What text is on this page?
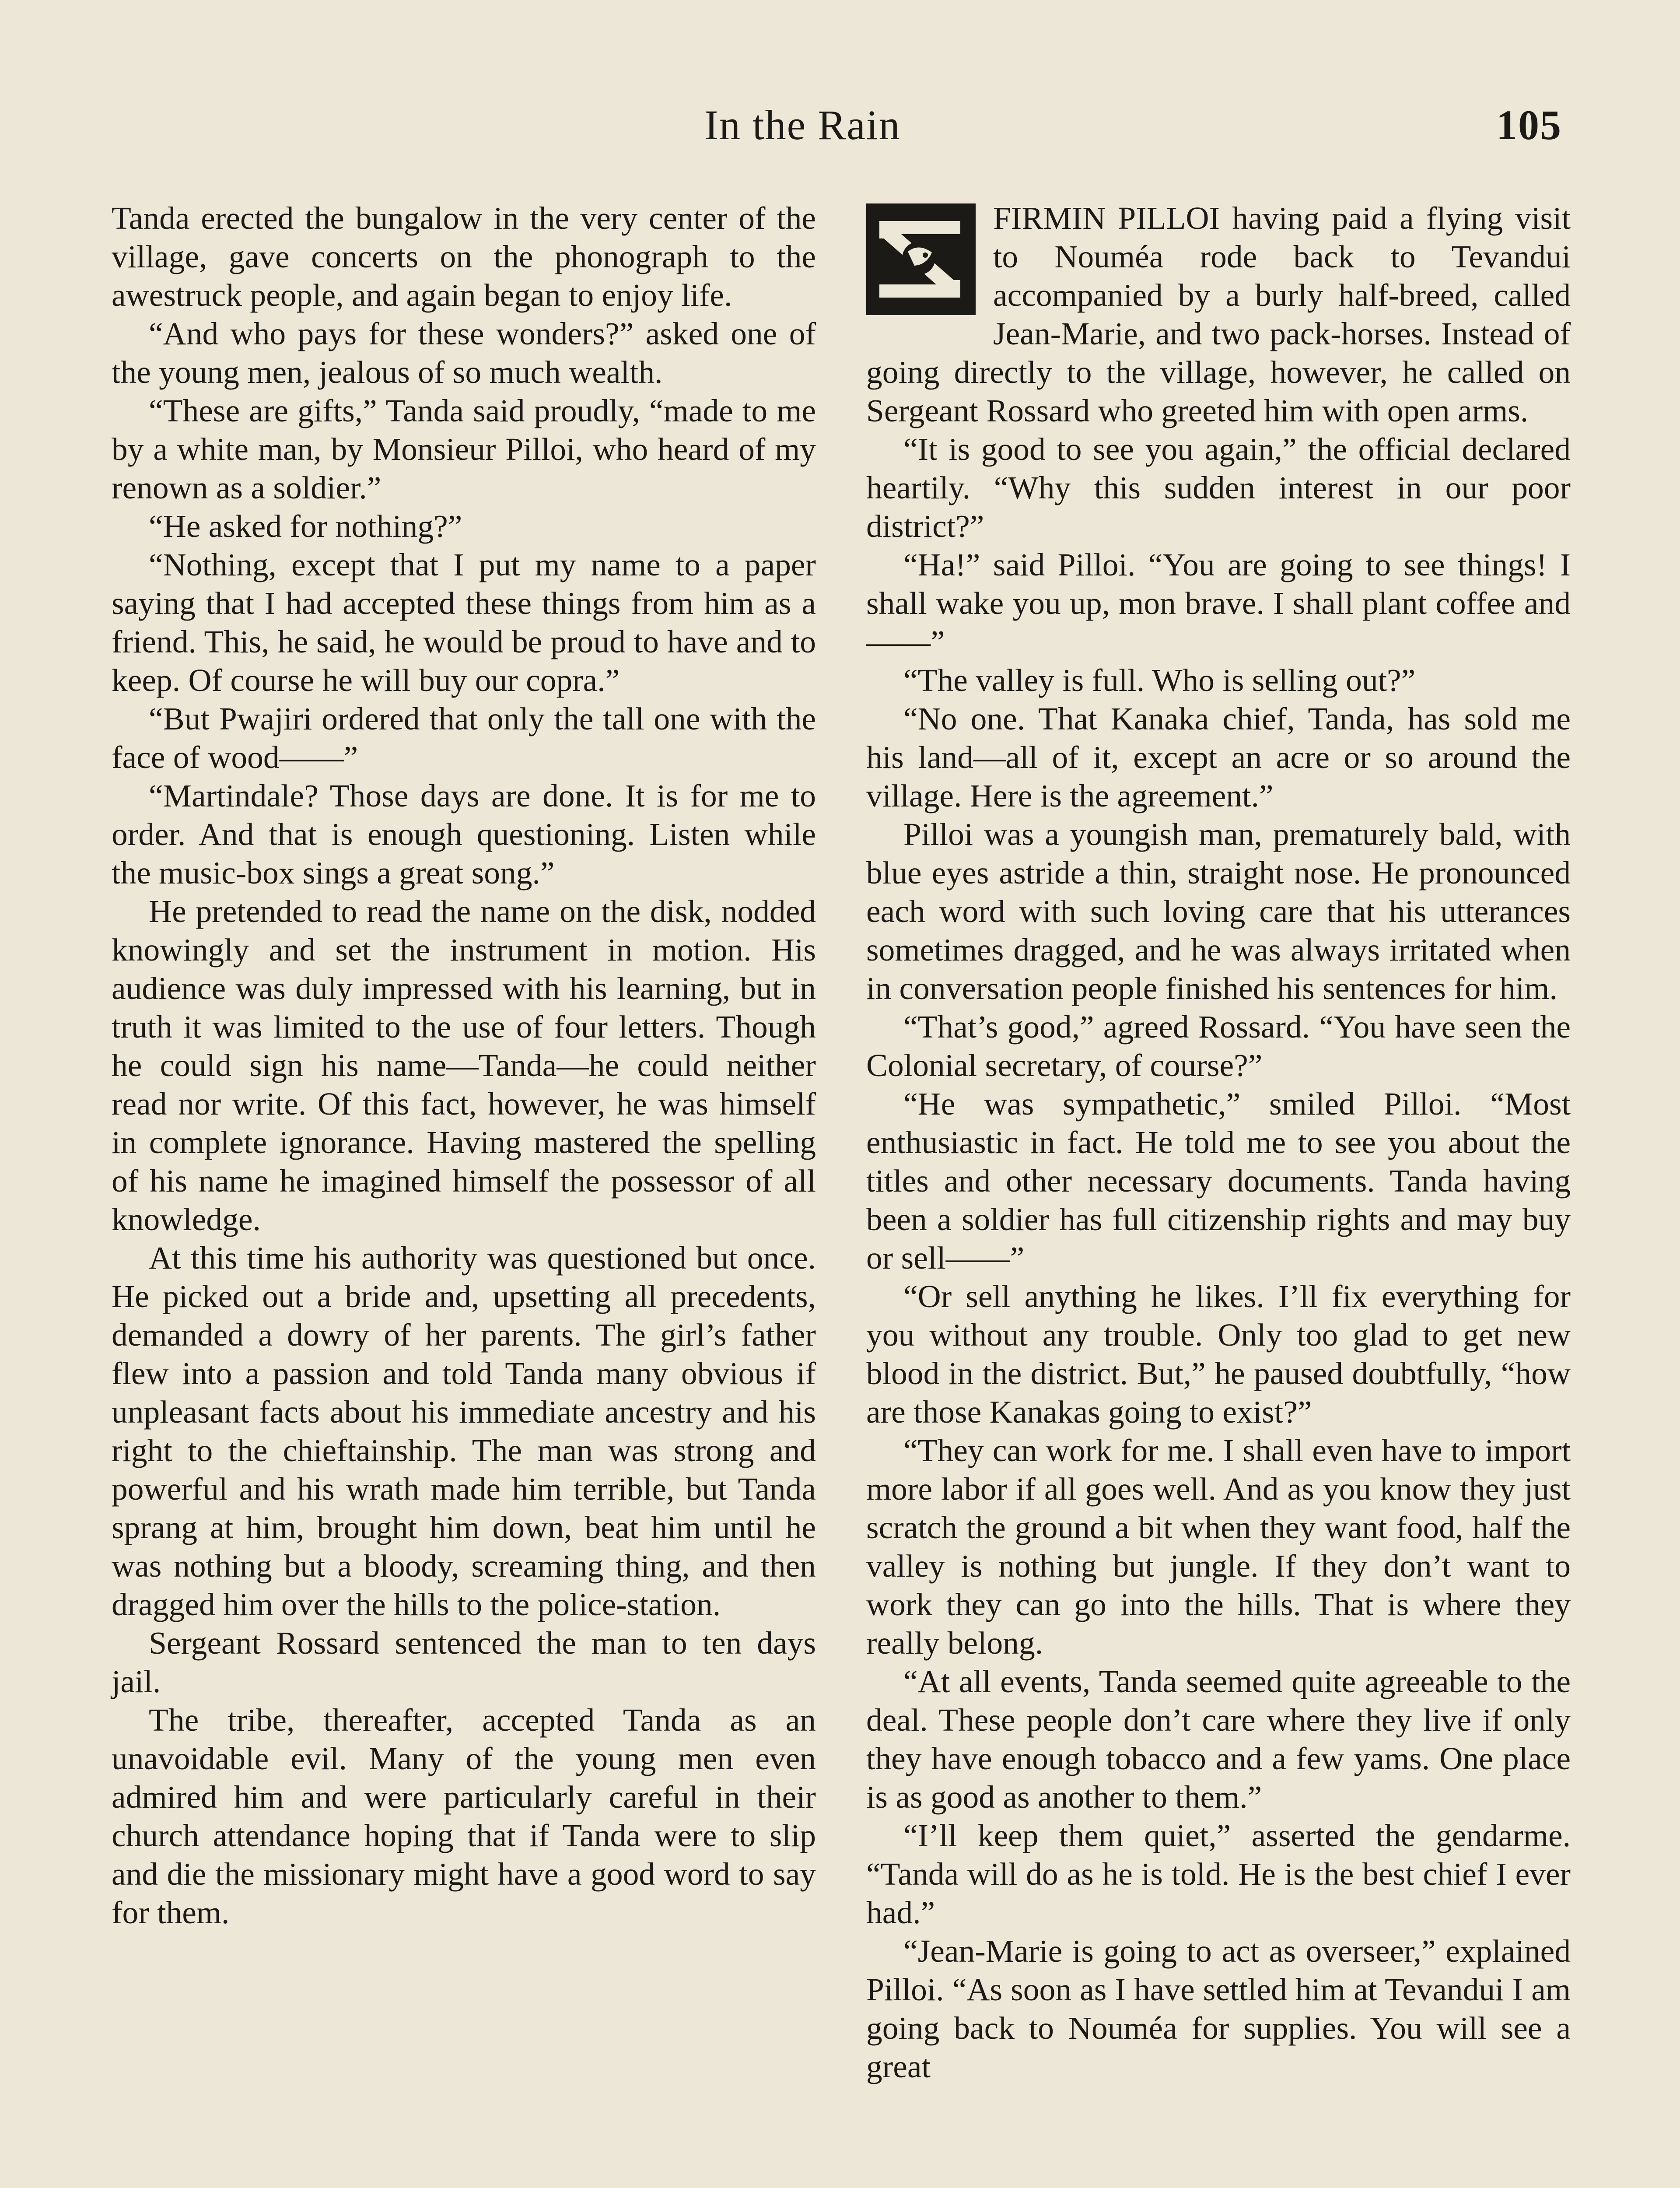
In the Rain	105

Tanda erected the bungalow in the very center of the village, gave concerts on the phonograph to the awestruck people, and again began to enjoy life.

“And who pays for these wonders?” asked one of the young men, jealous of so much wealth.

“These are gifts,” Tanda said proudly, “made to me by a white man, by Monsieur Pilloi, who heard of my renown as a soldier.”

“He asked for nothing?”

“Nothing, except that I put my name to a paper saying that I had accepted these things from him as a friend. This, he said, he would be proud to have and to keep. Of course he will buy our copra.”

“But Pwajiri ordered that only the tall one with the face of wood——”

“Martindale? Those days are done. It is for me to order. And that is enough questioning. Listen while the music-box sings a great song.”

He pretended to read the name on the disk, nodded knowingly and set the instrument in motion. His audience was duly impressed with his learning, but in truth it was limited to the use of four letters. Though he could sign his name—Tanda—he could neither read nor write. Of this fact, however, he was himself in complete ignorance. Having mastered the spelling of his name he imagined himself the possessor of all knowledge.

At this time his authority was questioned but once. He picked out a bride and, upsetting all precedents, demanded a dowry of her parents. The girl’s father flew into a passion and told Tanda many obvious if unpleasant facts about his immediate ancestry and his right to the chieftainship. The man was strong and powerful and his wrath made him terrible, but Tanda sprang at him, brought him down, beat him until he was nothing but a bloody, screaming thing, and then dragged him over the hills to the police-station.

Sergeant Rossard sentenced the man to ten days jail.

The tribe, thereafter, accepted Tanda as an unavoidable evil. Many of the young men even admired him and were particularly careful in their church attendance hoping that if Tanda were to slip and die the missionary might have a good word to say for them.

FIRMIN PILLOI having paid a flying visit to Nouméa rode back to Tevandui accompanied by a burly half-breed, called Jean-Marie, and two pack-horses. Instead of going directly to the village, however, he called on Sergeant Rossard who greeted him with open arms.

“It is good to see you again,” the official declared heartily. “Why this sudden interest in our poor district?”

“Ha!” said Pilloi. “You are going to see things! I shall wake you up, mon brave. I shall plant coffee and——”

“The valley is full. Who is selling out?”

“No one. That Kanaka chief, Tanda, has sold me his land—all of it, except an acre or so around the village. Here is the agreement.”

Pilloi was a youngish man, prematurely bald, with blue eyes astride a thin, straight nose. He pronounced each word with such loving care that his utterances sometimes dragged, and he was always irritated when in conversation people finished his sentences for him.

“That’s good,” agreed Rossard. “You have seen the Colonial secretary, of course?”

“He was sympathetic,” smiled Pilloi. “Most enthusiastic in fact. He told me to see you about the titles and other necessary documents. Tanda having been a soldier has full citizenship rights and may buy or sell——”

“Or sell anything he likes. I’ll fix everything for you without any trouble. Only too glad to get new blood in the district. But,” he paused doubtfully, “how are those Kanakas going to exist?”

“They can work for me. I shall even have to import more labor if all goes well. And as you know they just scratch the ground a bit when they want food, half the valley is nothing but jungle. If they don’t want to work they can go into the hills. That is where they really belong.

“At all events, Tanda seemed quite agreeable to the deal. These people don’t care where they live if only they have enough tobacco and a few yams. One place is as good as another to them.”

“I’ll keep them quiet,” asserted the gendarme. “Tanda will do as he is told. He is the best chief I ever had.”

“Jean-Marie is going to act as overseer,” explained Pilloi. “As soon as I have settled him at Tevandui I am going back to Nouméa for supplies. You will see a great
